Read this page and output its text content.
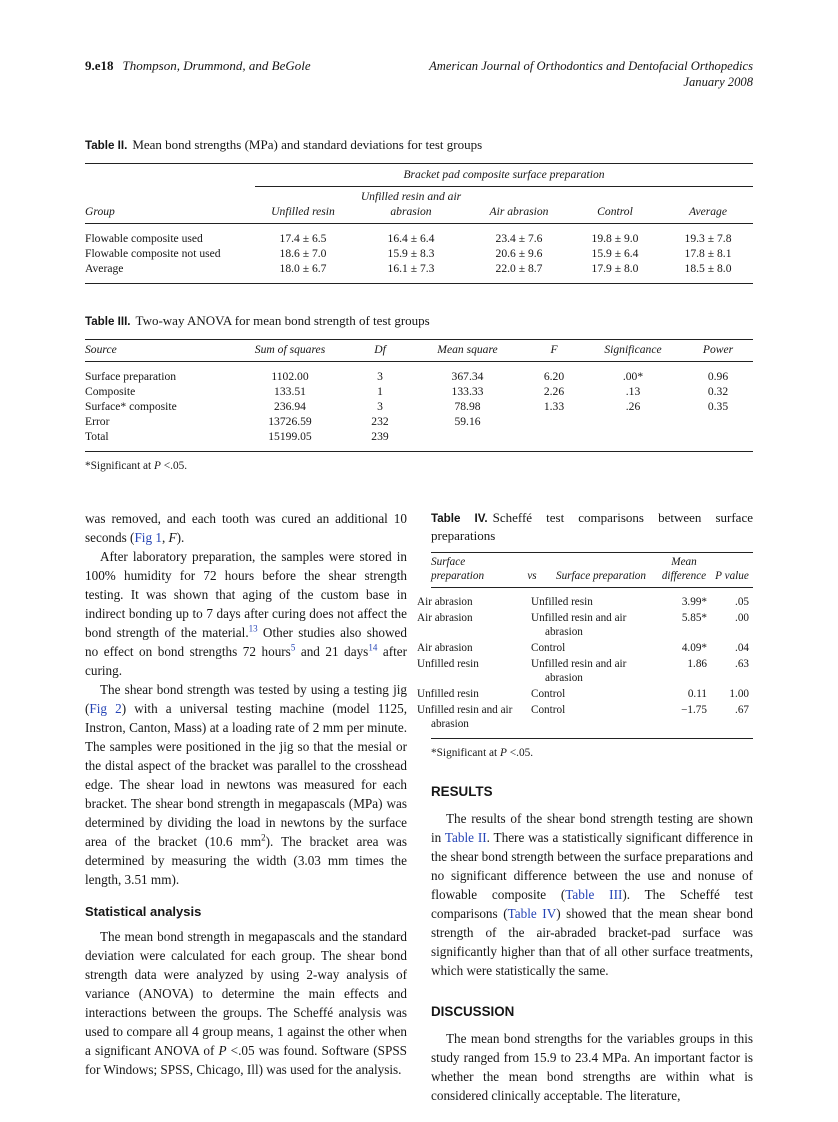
9.e18 Thompson, Drummond, and BeGole	American Journal of Orthodontics and Dentofacial Orthopedics
January 2008
Table II. Mean bond strengths (MPa) and standard deviations for test groups
	Bracket pad composite surface preparation				
Group	Unfilled resin	Unfilled resin and air abrasion	Air abrasion	Control	Average
Flowable composite used	17.4 ± 6.5	16.4 ± 6.4	23.4 ± 7.6	19.8 ± 9.0	19.3 ± 7.8
Flowable composite not used	18.6 ± 7.0	15.9 ± 8.3	20.6 ± 9.6	15.9 ± 6.4	17.8 ± 8.1
Average	18.0 ± 6.7	16.1 ± 7.3	22.0 ± 8.7	17.9 ± 8.0	18.5 ± 8.0
Table III. Two-way ANOVA for mean bond strength of test groups
Source	Sum of squares	Df	Mean square	F	Significance	Power
Surface preparation	1102.00	3	367.34	6.20	.00*	0.96
Composite	133.51	1	133.33	2.26	.13	0.32
Surface* composite	236.94	3	78.98	1.33	.26	0.35
Error	13726.59	232	59.16			
Total	15199.05	239				
*Significant at P <.05.

was removed, and each tooth was cured an additional 10 seconds (Fig 1, F).

After laboratory preparation, the samples were stored in 100% humidity for 72 hours before the shear strength testing. It was shown that aging of the custom base in indirect bonding up to 7 days after curing does not affect the bond strength of the material.$^{13}$ Other studies also showed no effect on bond strengths 72 hours$^5$ and 21 days$^{14}$ after curing.

The shear bond strength was tested by using a testing jig (Fig 2) with a universal testing machine (model 1125, Instron, Canton, Mass) at a loading rate of 2 mm per minute. The samples were positioned in the jig so that the mesial or the distal aspect of the bracket was parallel to the crosshead edge. The shear load in newtons was measured for each bracket. The shear bond strength in megapascals (MPa) was determined by dividing the load in newtons by the surface area of the bracket (10.6 $mm^2$). The bracket area was determined by measuring the width (3.03 mm times the length, 3.51 mm).

Statistical analysis

The mean bond strength in megapascals and the standard deviation were calculated for each group. The shear bond strength data were analyzed by using 2-way analysis of variance (ANOVA) to determine the main effects and interactions between the groups. The Scheffé analysis was used to compare all 4 group means, 1 against the other when a significant ANOVA of P <.05 was found. Software (SPSS for Windows; SPSS, Chicago, Ill) was used for the analysis.

Table IV. Scheffé test comparisons between surface preparations
Surface preparation	vs	Surface preparation	Mean difference	P value
Air abrasion		Unfilled resin	3.99*	.05
Air abrasion		Unfilled resin and air abrasion	5.85*	.00
Air abrasion		Control	4.09*	.04
Unfilled resin		Unfilled resin and air abrasion	1.86	.63
Unfilled resin		Control	0.11	1.00
Unfilled resin and air abrasion		Control	−1.75	.67
*Significant at P <.05.
RESULTS

The results of the shear bond strength testing are shown in Table II. There was a statistically significant difference in the shear bond strength between the surface preparations and no significant difference between the use and nonuse of flowable composite (Table III). The Scheffé test comparisons (Table IV) showed that the mean shear bond strength of the air-abraded bracket-pad surface was significantly higher than that of all other surface treatments, which were statistically the same.

DISCUSSION

The mean bond strengths for the variables groups in this study ranged from 15.9 to 23.4 MPa. An important factor is whether the mean bond strengths are within what is considered clinically acceptable. The literature,
